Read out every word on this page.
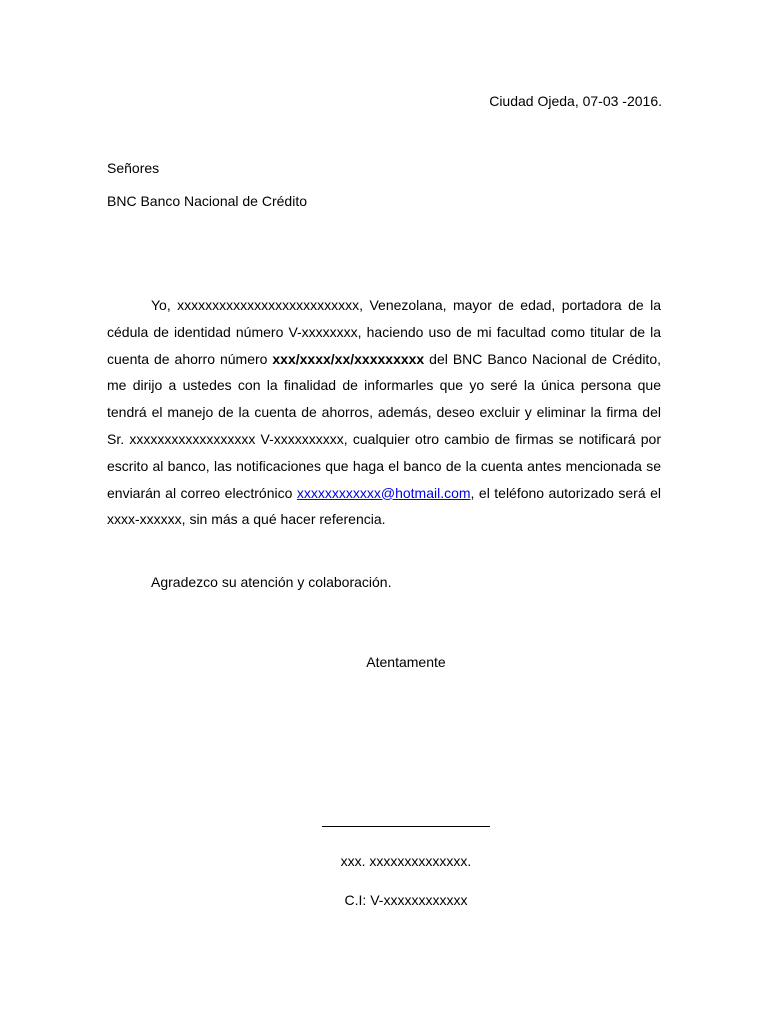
Ciudad Ojeda, 07-03 -2016.
Señores
BNC Banco Nacional de Crédito

Yo, xxxxxxxxxxxxxxxxxxxxxxxxxx, Venezolana, mayor de edad, portadora de la cédula de identidad número V-xxxxxxxx, haciendo uso de mi facultad como titular de la cuenta de ahorro número xxx/xxxx/xx/xxxxxxxxx del BNC Banco Nacional de Crédito, me dirijo a ustedes con la finalidad de informarles que yo seré la única persona que tendrá el manejo de la cuenta de ahorros, además, deseo excluir y eliminar la firma del Sr. xxxxxxxxxxxxxxxxxx V-xxxxxxxxxx, cualquier otro cambio de firmas se notificará por escrito al banco, las notificaciones que haga el banco de la cuenta antes mencionada se enviarán al correo electrónico xxxxxxxxxxxx@hotmail.com, el teléfono autorizado será el xxxx-xxxxxx, sin más a qué hacer referencia.

Agradezco su atención y colaboración.
Atentamente
xxx. xxxxxxxxxxxxxx.
C.I: V-xxxxxxxxxxxx
